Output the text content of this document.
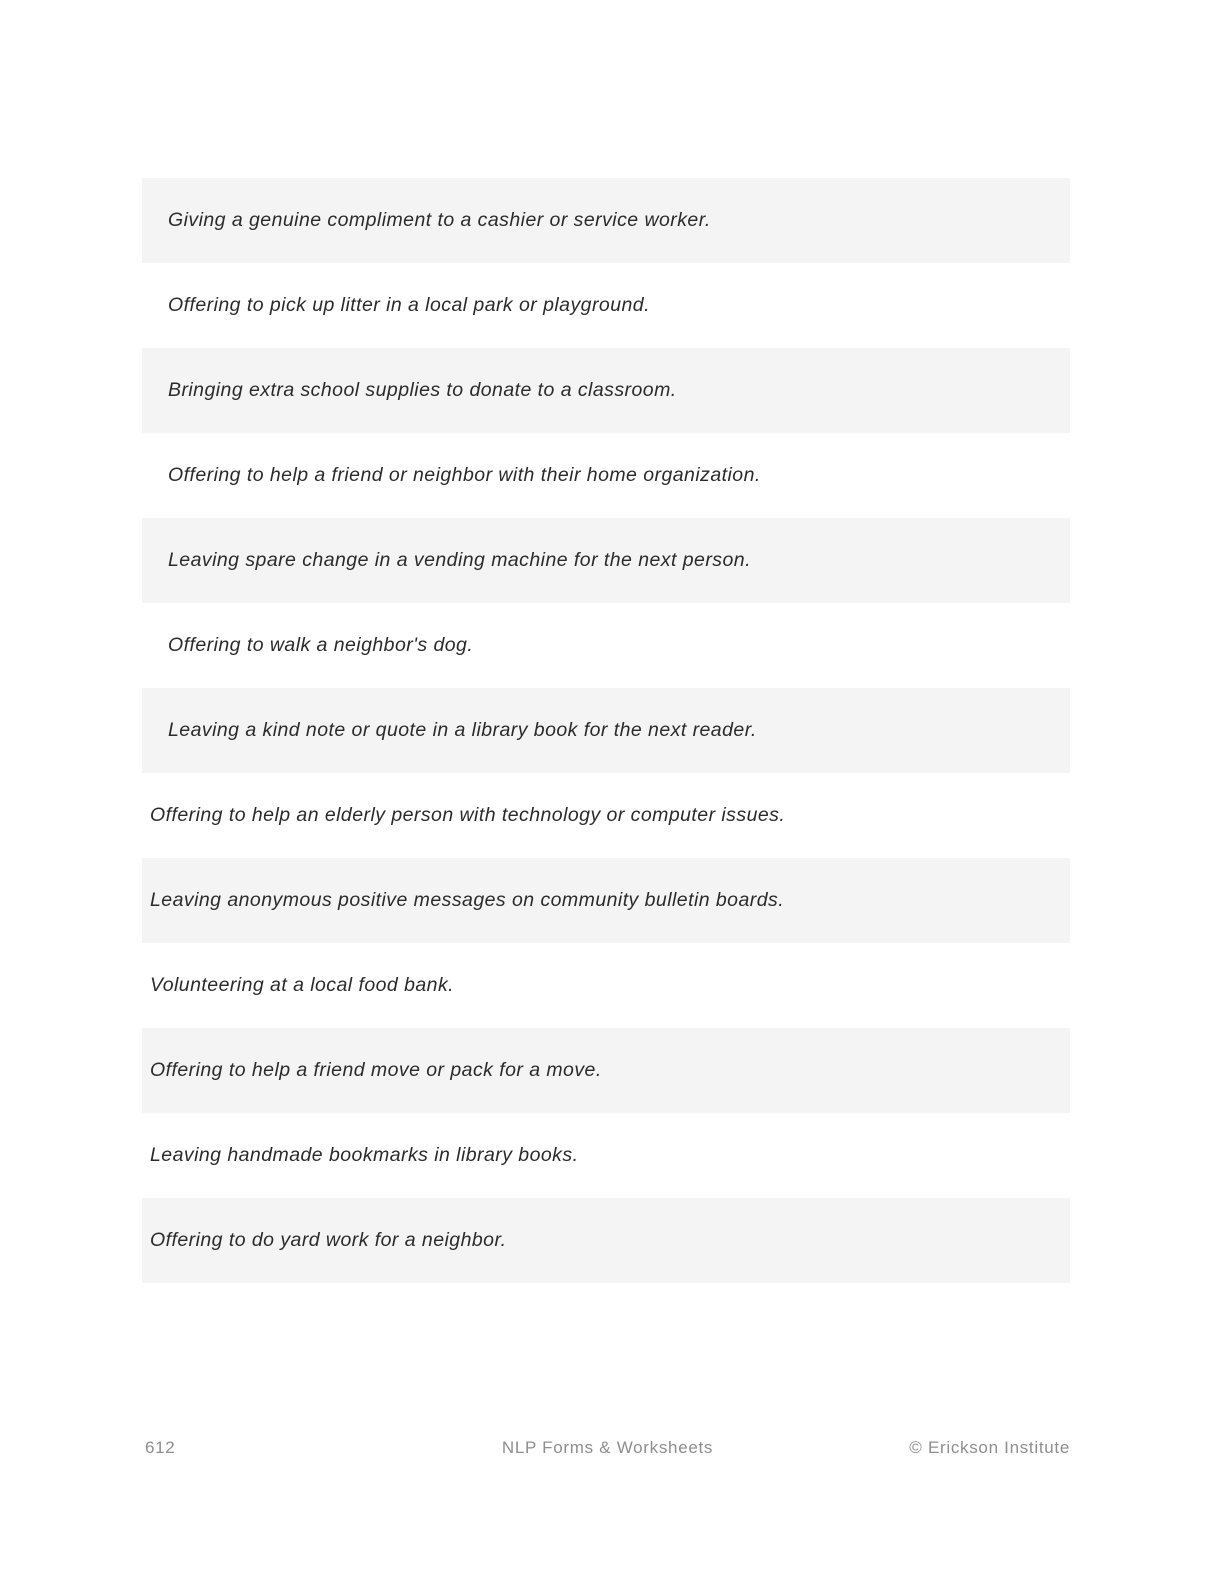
Giving a genuine compliment to a cashier or service worker.
Offering to pick up litter in a local park or playground.
Bringing extra school supplies to donate to a classroom.
Offering to help a friend or neighbor with their home organization.
Leaving spare change in a vending machine for the next person.
Offering to walk a neighbor's dog.
Leaving a kind note or quote in a library book for the next reader.
Offering to help an elderly person with technology or computer issues.
Leaving anonymous positive messages on community bulletin boards.
Volunteering at a local food bank.
Offering to help a friend move or pack for a move.
Leaving handmade bookmarks in library books.
Offering to do yard work for a neighbor.
612	NLP Forms & Worksheets	© Erickson Institute
